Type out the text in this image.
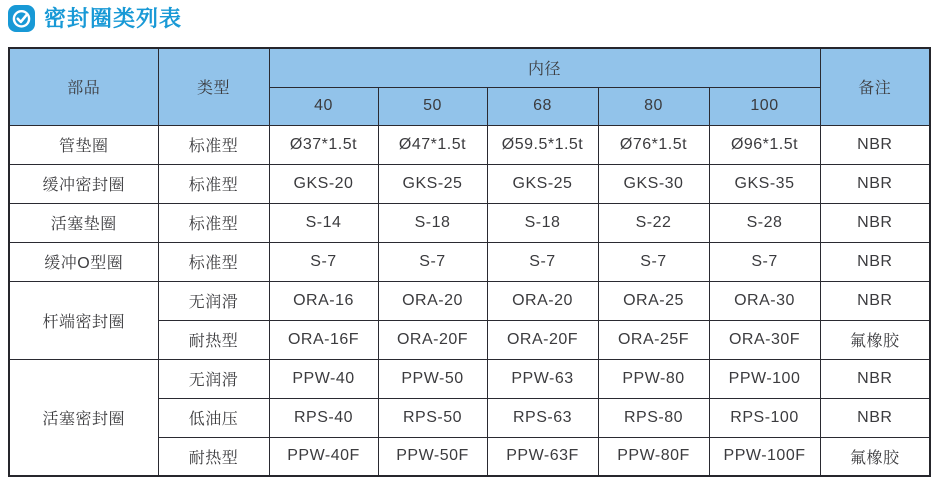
密封圈类列表
部品	类型	内径					备注
		40	50	68	80	100	
管垫圈	标准型	Ø37*1.5t	Ø47*1.5t	Ø59.5*1.5t	Ø76*1.5t	Ø96*1.5t	NBR
缓冲密封圈	标准型	GKS-20	GKS-25	GKS-25	GKS-30	GKS-35	NBR
活塞垫圈	标准型	S-14	S-18	S-18	S-22	S-28	NBR
缓冲O型圈	标准型	S-7	S-7	S-7	S-7	S-7	NBR
杆端密封圈	无润滑	ORA-16	ORA-20	ORA-20	ORA-25	ORA-30	NBR
	耐热型	ORA-16F	ORA-20F	ORA-20F	ORA-25F	ORA-30F	氟橡胶
活塞密封圈	无润滑	PPW-40	PPW-50	PPW-63	PPW-80	PPW-100	NBR
	低油压	RPS-40	RPS-50	RPS-63	RPS-80	RPS-100	NBR
	耐热型	PPW-40F	PPW-50F	PPW-63F	PPW-80F	PPW-100F	氟橡胶
